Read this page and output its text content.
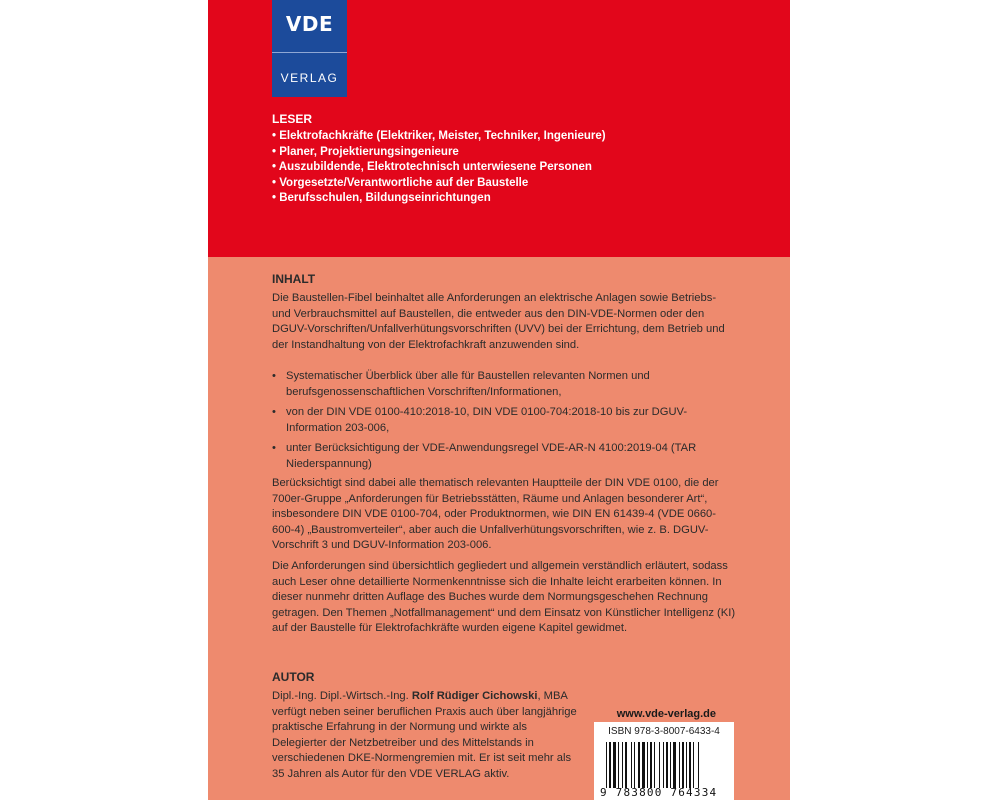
VDE
VERLAG
LESER
• Elektrofachkräfte (Elektriker, Meister, Techniker, Ingenieure)
• Planer, Projektierungsingenieure
• Auszubildende, Elektrotechnisch unterwiesene Personen
• Vorgesetzte/Verantwortliche auf der Baustelle
• Berufsschulen, Bildungseinrichtungen
INHALT

Die Baustellen-Fibel beinhaltet alle Anforderungen an elektrische Anlagen sowie Betriebs- und Verbrauchsmittel auf Baustellen, die entweder aus den DIN-VDE-Normen oder den DGUV-Vorschriften/Unfallverhütungsvorschriften (UVV) bei der Errichtung, dem Betrieb und der Instandhaltung von der Elektrofachkraft anzuwenden sind.

• Systematischer Überblick über alle für Baustellen relevanten Normen und berufsgenossenschaftlichen Vorschriften/Informationen,
• von der DIN VDE 0100-410:2018-10, DIN VDE 0100-704:2018-10 bis zur DGUV-Information 203-006,
• unter Berücksichtigung der VDE-Anwendungsregel VDE-AR-N 4100:2019-04 (TAR Niederspannung)

Berücksichtigt sind dabei alle thematisch relevanten Hauptteile der DIN VDE 0100, die der 700er-Gruppe „Anforderungen für Betriebsstätten, Räume und Anlagen besonderer Art“, insbesondere DIN VDE 0100-704, oder Produktnormen, wie DIN EN 61439-4 (VDE 0660-600-4) „Baustromverteiler“, aber auch die Unfallverhütungsvorschriften, wie z. B. DGUV-Vorschrift 3 und DGUV-Information 203-006.

Die Anforderungen sind übersichtlich gegliedert und allgemein verständlich erläutert, sodass auch Leser ohne detaillierte Normenkenntnisse sich die Inhalte leicht erarbeiten können. In dieser nunmehr dritten Auflage des Buches wurde dem Normungsgeschehen Rechnung getragen. Den Themen „Notfallmanagement“ und dem Einsatz von Künstlicher Intelligenz (KI) auf der Baustelle für Elektrofachkräfte wurden eigene Kapitel gewidmet.

AUTOR

Dipl.-Ing. Dipl.-Wirtsch.-Ing. Rolf Rüdiger Cichowski, MBA verfügt neben seiner beruflichen Praxis auch über langjährige praktische Erfahrung in der Normung und wirkte als Delegierter der Netzbetreiber und des Mittelstands in verschiedenen DKE-Normengremien mit. Er ist seit mehr als 35 Jahren als Autor für den VDE VERLAG aktiv.

www.vde-verlag.de
ISBN 978-3-8007-6433-4
9 783800 764334
